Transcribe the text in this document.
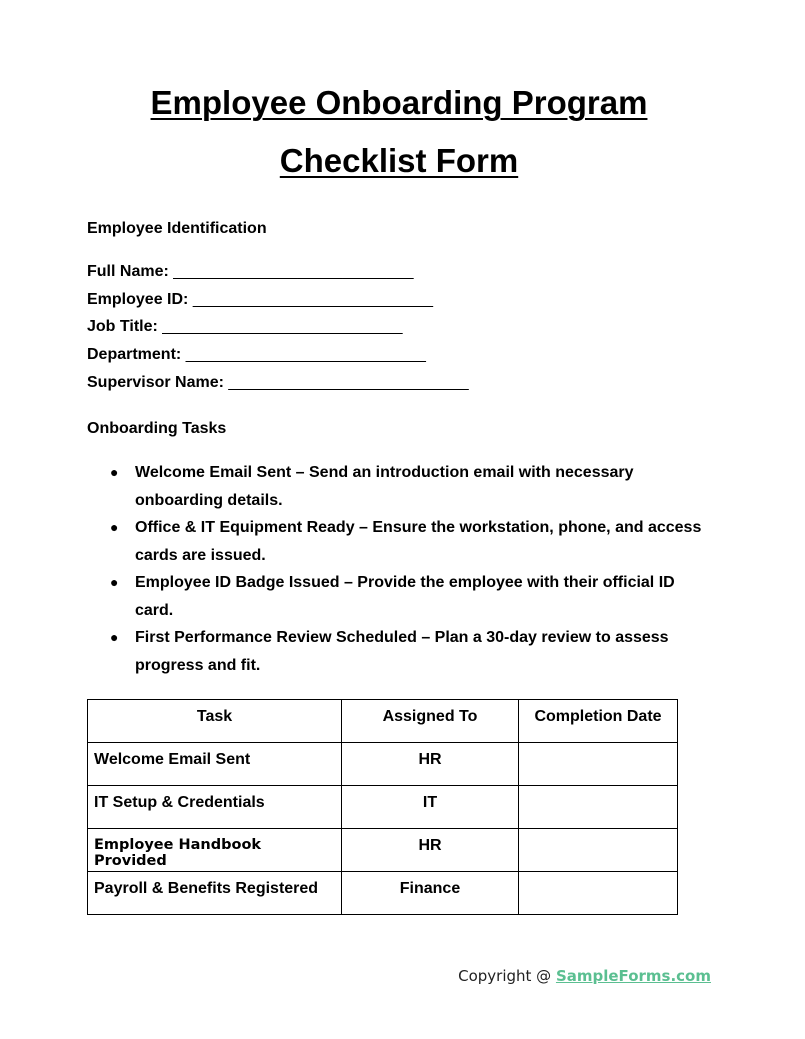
Employee Onboarding Program
Checklist Form
Employee Identification
Full Name: ___________________________
Employee ID: ___________________________
Job Title: ___________________________
Department: ___________________________
Supervisor Name: ___________________________
Onboarding Tasks
● Welcome Email Sent – Send an introduction email with necessary onboarding details.
● Office & IT Equipment Ready – Ensure the workstation, phone, and access cards are issued.
● Employee ID Badge Issued – Provide the employee with their official ID card.
● First Performance Review Scheduled – Plan a 30-day review to assess progress and fit.
Task	Assigned To	Completion Date
Welcome Email Sent	HR	
IT Setup & Credentials	IT	
Employee Handbook Provided	HR	
Payroll & Benefits Registered	Finance	
Copyright @ SampleForms.com
